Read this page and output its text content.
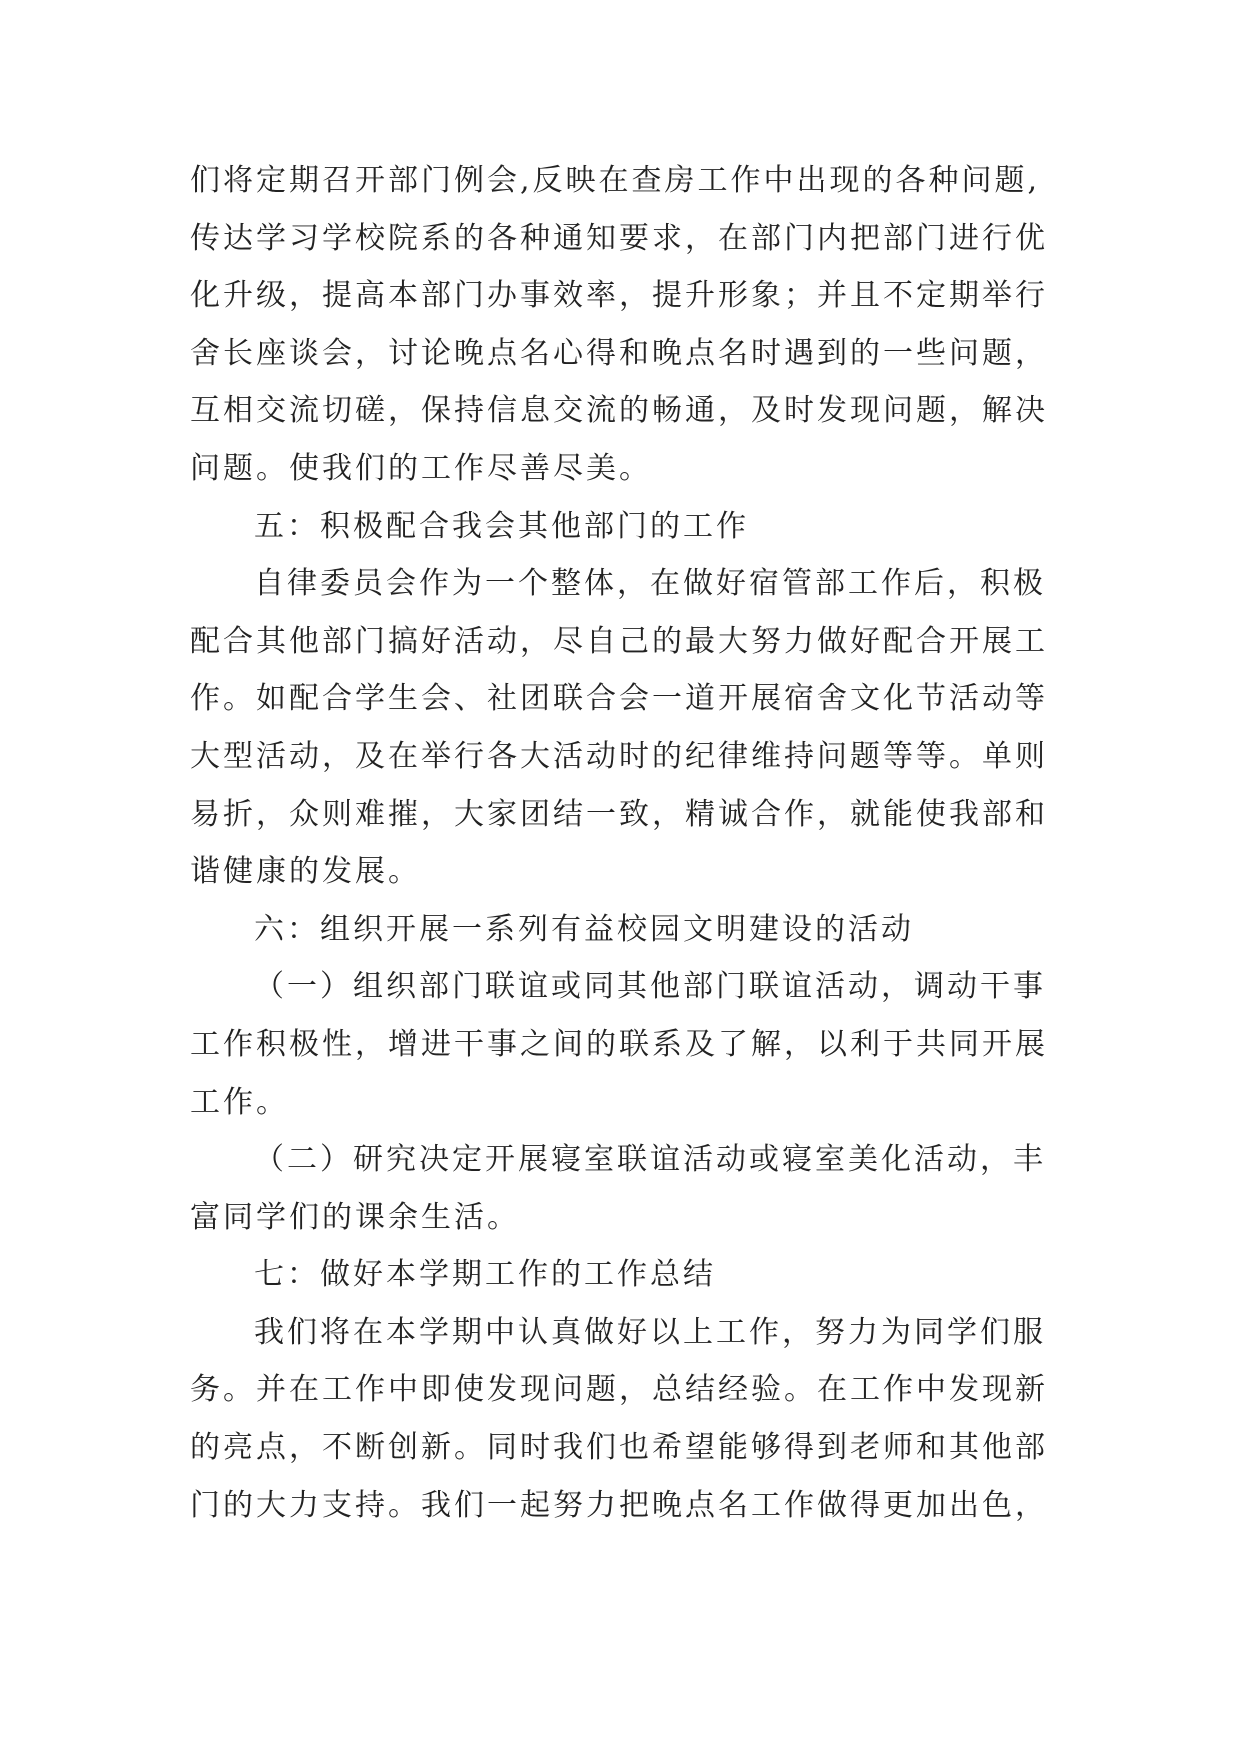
们将定期召开部门例会,反映在查房工作中出现的各种问题,
传达学习学校院系的各种通知要求，在部门内把部门进行优
化升级，提高本部门办事效率，提升形象；并且不定期举行
舍长座谈会，讨论晚点名心得和晚点名时遇到的一些问题，
互相交流切磋，保持信息交流的畅通，及时发现问题，解决
问题。使我们的工作尽善尽美。
五：积极配合我会其他部门的工作
自律委员会作为一个整体，在做好宿管部工作后，积极
配合其他部门搞好活动，尽自己的最大努力做好配合开展工
作。如配合学生会、社团联合会一道开展宿舍文化节活动等
大型活动，及在举行各大活动时的纪律维持问题等等。单则
易折，众则难摧，大家团结一致，精诚合作，就能使我部和
谐健康的发展。
六：组织开展一系列有益校园文明建设的活动
（一）组织部门联谊或同其他部门联谊活动，调动干事
工作积极性，增进干事之间的联系及了解，以利于共同开展
工作。
（二）研究决定开展寝室联谊活动或寝室美化活动，丰
富同学们的课余生活。
七：做好本学期工作的工作总结
我们将在本学期中认真做好以上工作，努力为同学们服
务。并在工作中即使发现问题，总结经验。在工作中发现新
的亮点，不断创新。同时我们也希望能够得到老师和其他部
门的大力支持。我们一起努力把晚点名工作做得更加出色，
